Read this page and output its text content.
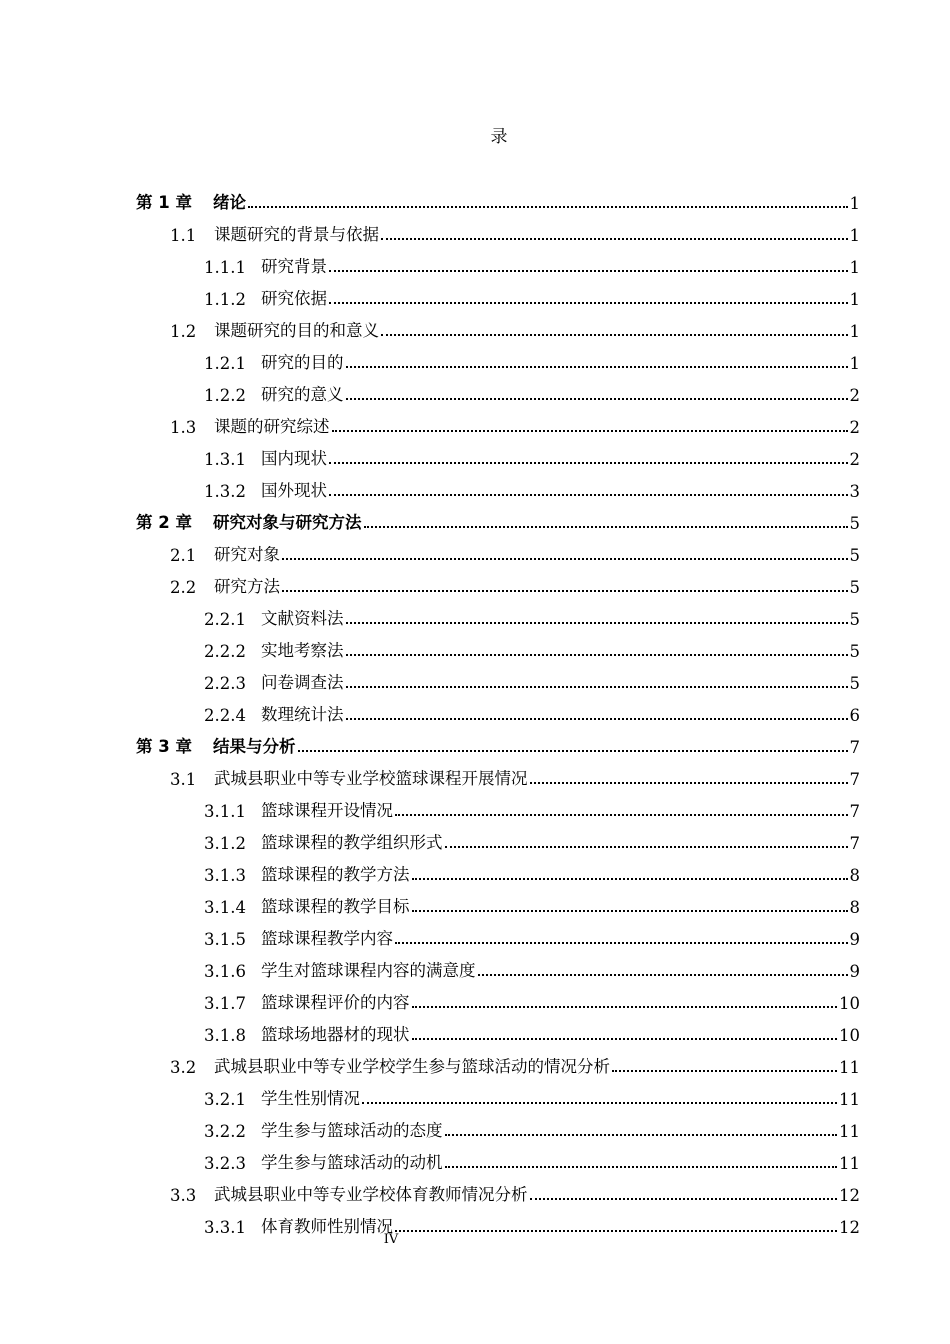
录
第 1 章	绪论	1
1.1	课题研究的背景与依据	1
1.1.1 研究背景	1
1.1.2 研究依据	1
1.2	课题研究的目的和意义	1
1.2.1 研究的目的	1
1.2.2 研究的意义	2
1.3	课题的研究综述	2
1.3.1 国内现状	2
1.3.2 国外现状	3
第 2 章	研究对象与研究方法	5
2.1	研究对象	5
2.2	研究方法	5
2.2.1 文献资料法	5
2.2.2 实地考察法	5
2.2.3 问卷调查法	5
2.2.4 数理统计法	6
第 3 章	结果与分析	7
3.1	武城县职业中等专业学校篮球课程开展情况	7
3.1.1 篮球课程开设情况	7
3.1.2 篮球课程的教学组织形式	7
3.1.3 篮球课程的教学方法	8
3.1.4 篮球课程的教学目标	8
3.1.5 篮球课程教学内容	9
3.1.6 学生对篮球课程内容的满意度	9
3.1.7 篮球课程评价的内容	10
3.1.8 篮球场地器材的现状	10
3.2	武城县职业中等专业学校学生参与篮球活动的情况分析	11
3.2.1 学生性别情况	11
3.2.2 学生参与篮球活动的态度	11
3.2.3 学生参与篮球活动的动机	11
3.3	武城县职业中等专业学校体育教师情况分析	12
3.3.1 体育教师性别情况	12
IV
